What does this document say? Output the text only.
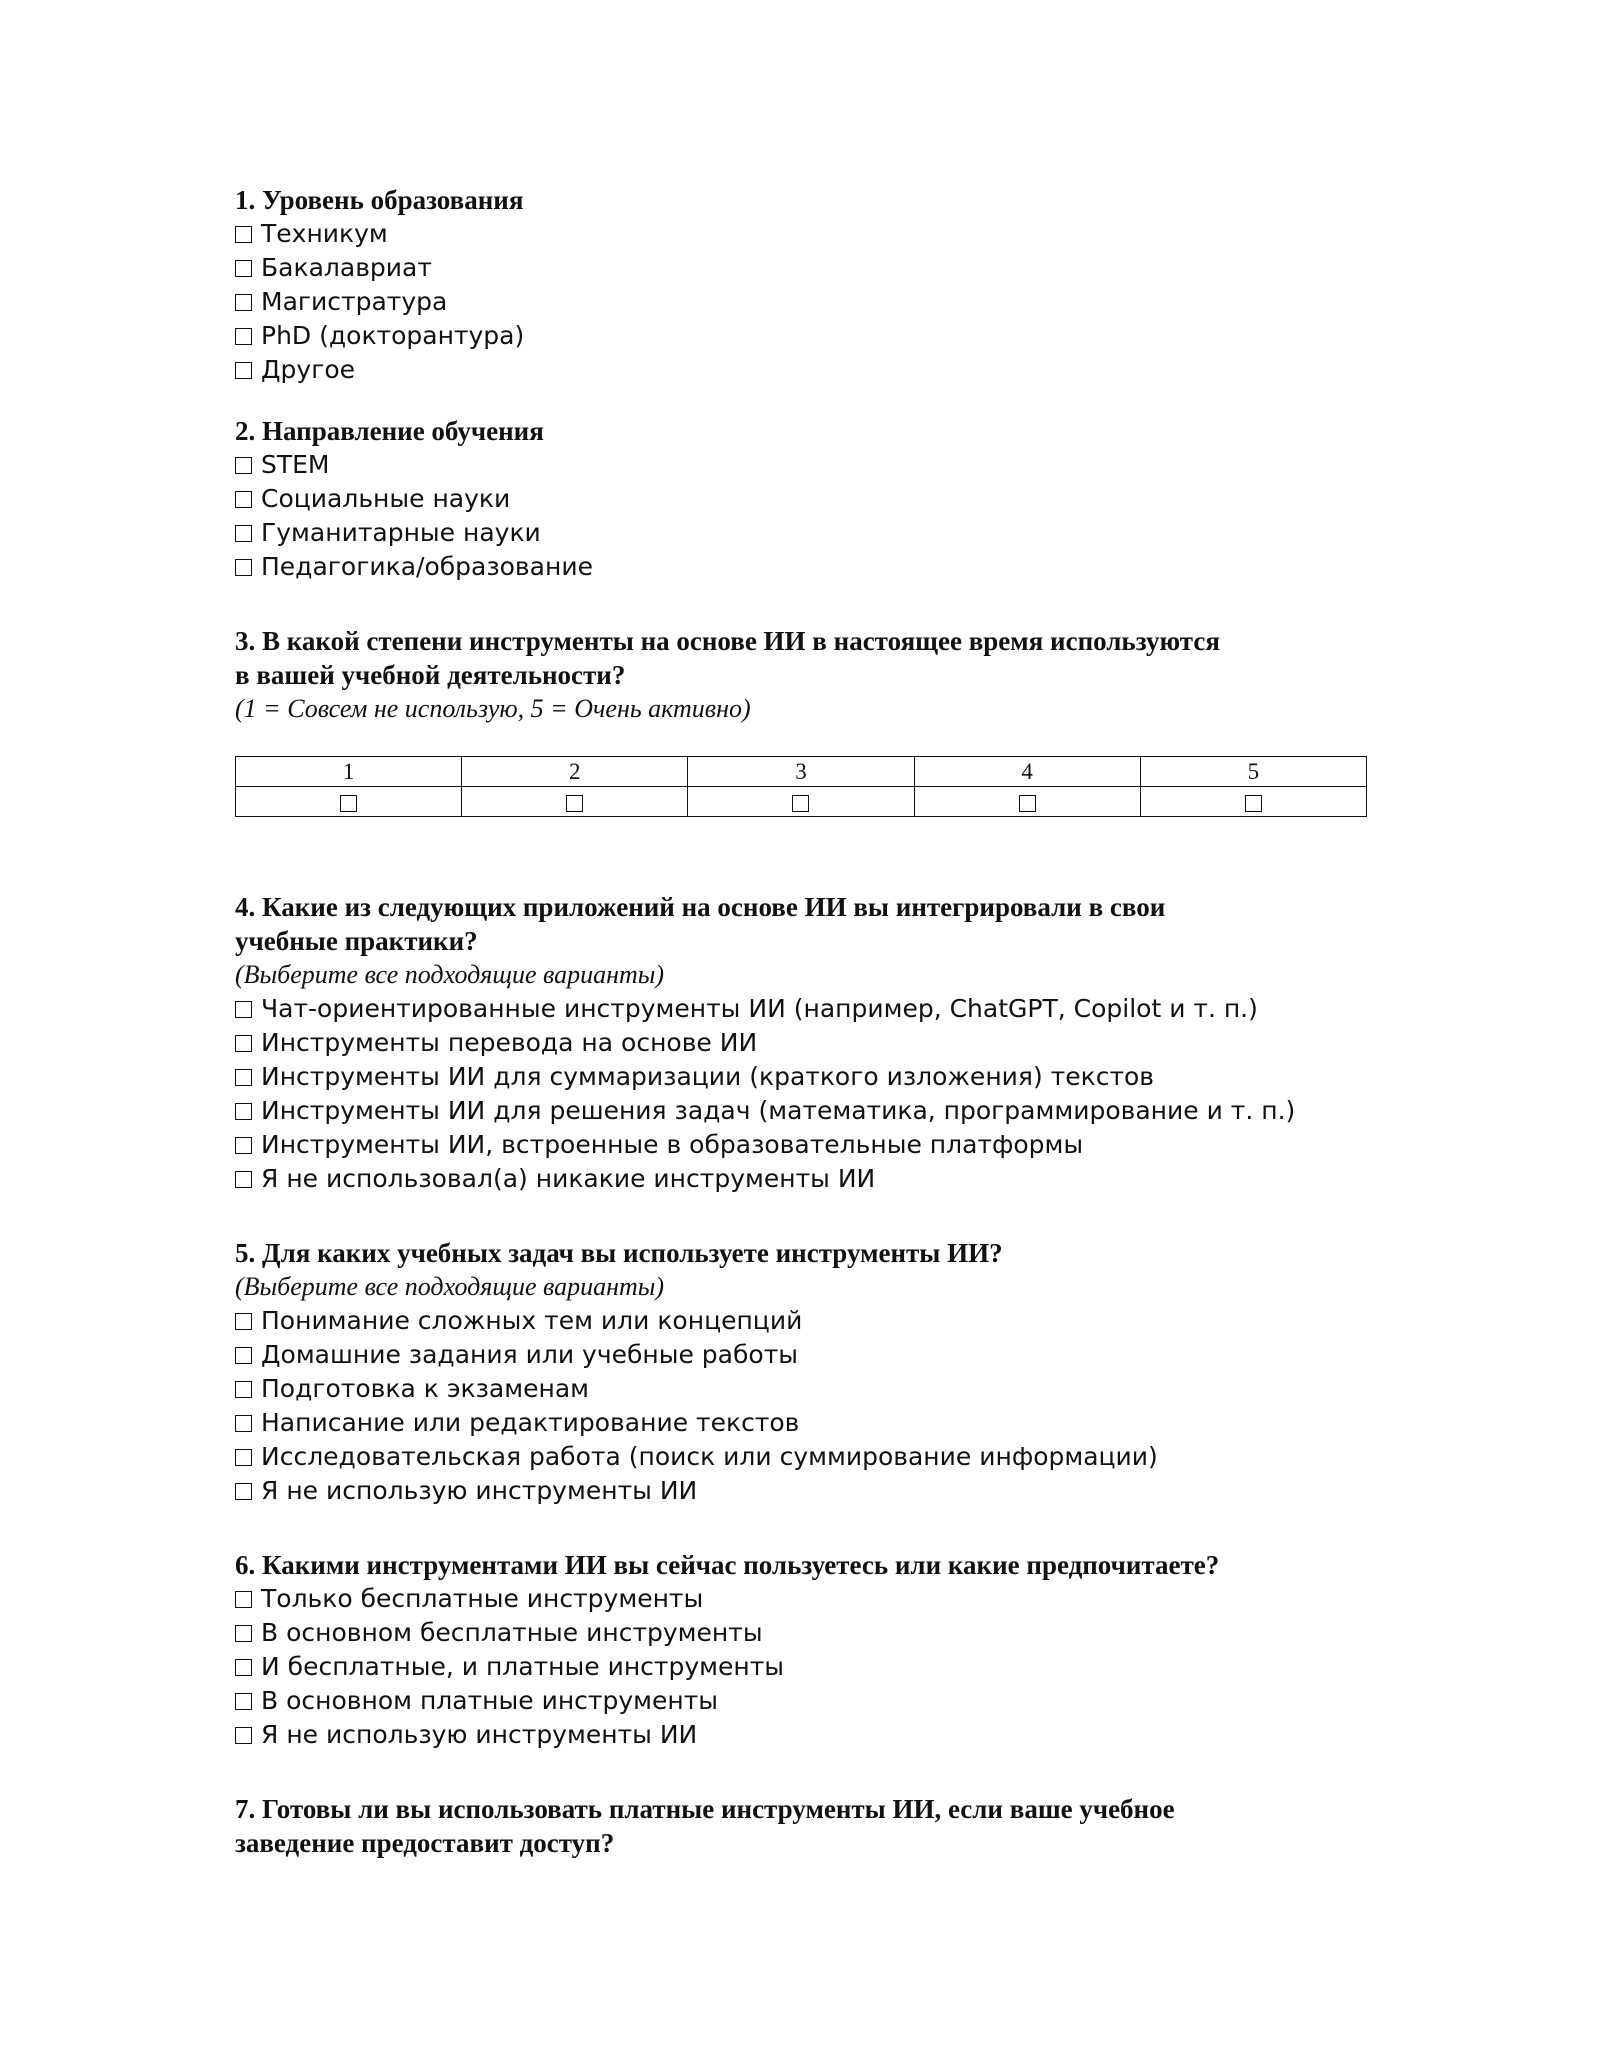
1. Уровень образования

Техникум
Бакалавриат
Магистратура
PhD (докторантура)
Другое

2. Направление обучения

STEM
Социальные науки
Гуманитарные науки
Педагогика/образование

3. В какой степени инструменты на основе ИИ в настоящее время используются

в вашей учебной деятельности?

(1 = Совсем не использую, 5 = Очень активно)

1	2	3	4	5

4. Какие из следующих приложений на основе ИИ вы интегрировали в свои

учебные практики?

(Выберите все подходящие варианты)

Чат-ориентированные инструменты ИИ (например, ChatGPT, Copilot и т. п.)
Инструменты перевода на основе ИИ
Инструменты ИИ для суммаризации (краткого изложения) текстов
Инструменты ИИ для решения задач (математика, программирование и т. п.)
Инструменты ИИ, встроенные в образовательные платформы
Я не использовал(а) никакие инструменты ИИ

5. Для каких учебных задач вы используете инструменты ИИ?

(Выберите все подходящие варианты)

Понимание сложных тем или концепций
Домашние задания или учебные работы
Подготовка к экзаменам
Написание или редактирование текстов
Исследовательская работа (поиск или суммирование информации)
Я не использую инструменты ИИ

6. Какими инструментами ИИ вы сейчас пользуетесь или какие предпочитаете?

Только бесплатные инструменты
В основном бесплатные инструменты
И бесплатные, и платные инструменты
В основном платные инструменты
Я не использую инструменты ИИ

7. Готовы ли вы использовать платные инструменты ИИ, если ваше учебное

заведение предоставит доступ?
